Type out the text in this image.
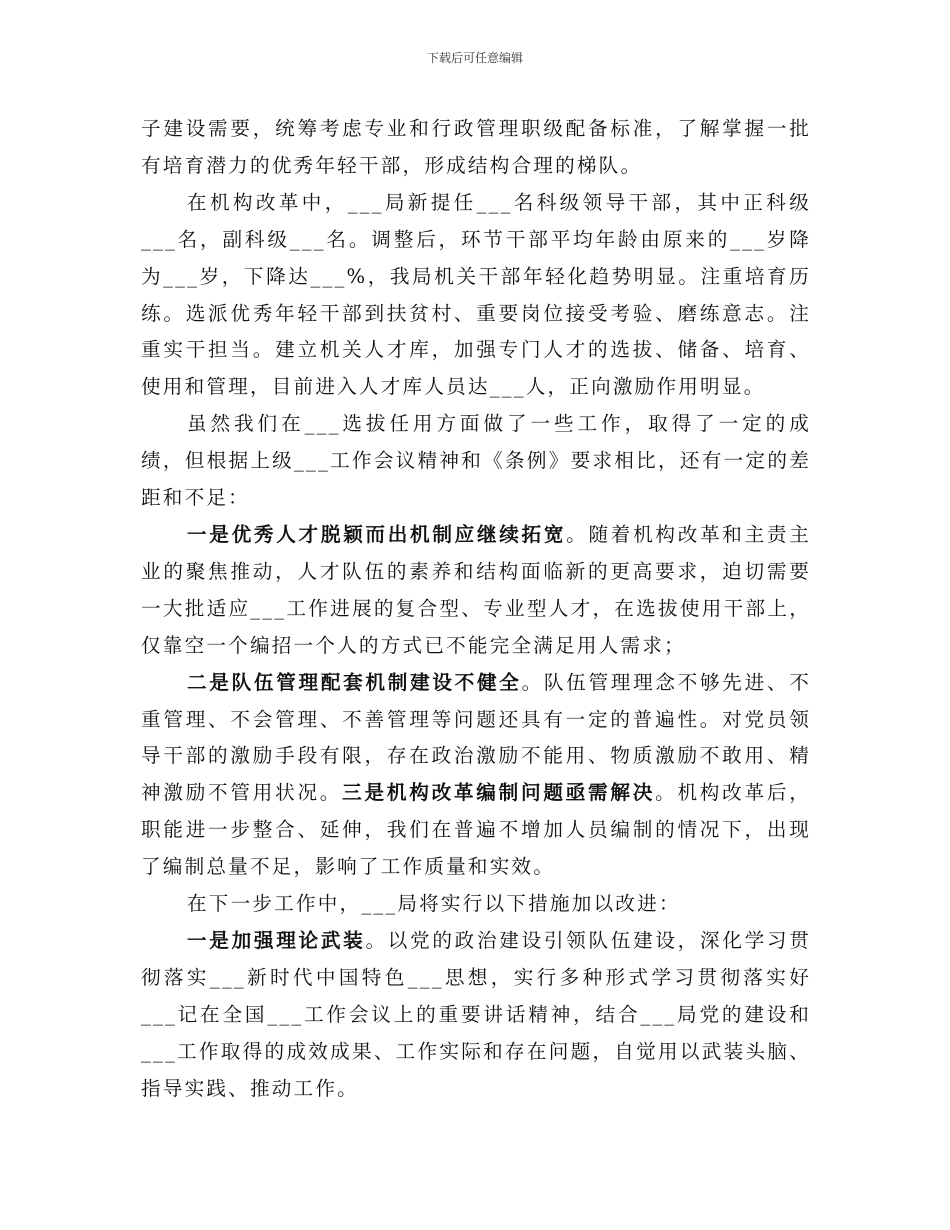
下载后可任意编辑

子建设需要，统筹考虑专业和行政管理职级配备标准，了解掌握一批有培育潜力的优秀年轻干部，形成结构合理的梯队。

在机构改革中，___局新提任___名科级领导干部，其中正科级___名，副科级___名。调整后，环节干部平均年龄由原来的___岁降为___岁，下降达___%，我局机关干部年轻化趋势明显。注重培育历练。选派优秀年轻干部到扶贫村、重要岗位接受考验、磨练意志。注重实干担当。建立机关人才库，加强专门人才的选拔、储备、培育、使用和管理，目前进入人才库人员达___人，正向激励作用明显。

虽然我们在___选拔任用方面做了一些工作，取得了一定的成绩，但根据上级___工作会议精神和《条例》要求相比，还有一定的差距和不足：

一是优秀人才脱颖而出机制应继续拓宽。随着机构改革和主责主业的聚焦推动，人才队伍的素养和结构面临新的更高要求，迫切需要一大批适应___工作进展的复合型、专业型人才，在选拔使用干部上，仅靠空一个编招一个人的方式已不能完全满足用人需求；

二是队伍管理配套机制建设不健全。队伍管理理念不够先进、不重管理、不会管理、不善管理等问题还具有一定的普遍性。对党员领导干部的激励手段有限，存在政治激励不能用、物质激励不敢用、精神激励不管用状况。三是机构改革编制问题亟需解决。机构改革后，职能进一步整合、延伸，我们在普遍不增加人员编制的情况下，出现了编制总量不足，影响了工作质量和实效。

在下一步工作中，___局将实行以下措施加以改进：

一是加强理论武装。以党的政治建设引领队伍建设，深化学习贯彻落实___新时代中国特色___思想，实行多种形式学习贯彻落实好___记在全国___工作会议上的重要讲话精神，结合___局党的建设和___工作取得的成效成果、工作实际和存在问题，自觉用以武装头脑、指导实践、推动工作。
